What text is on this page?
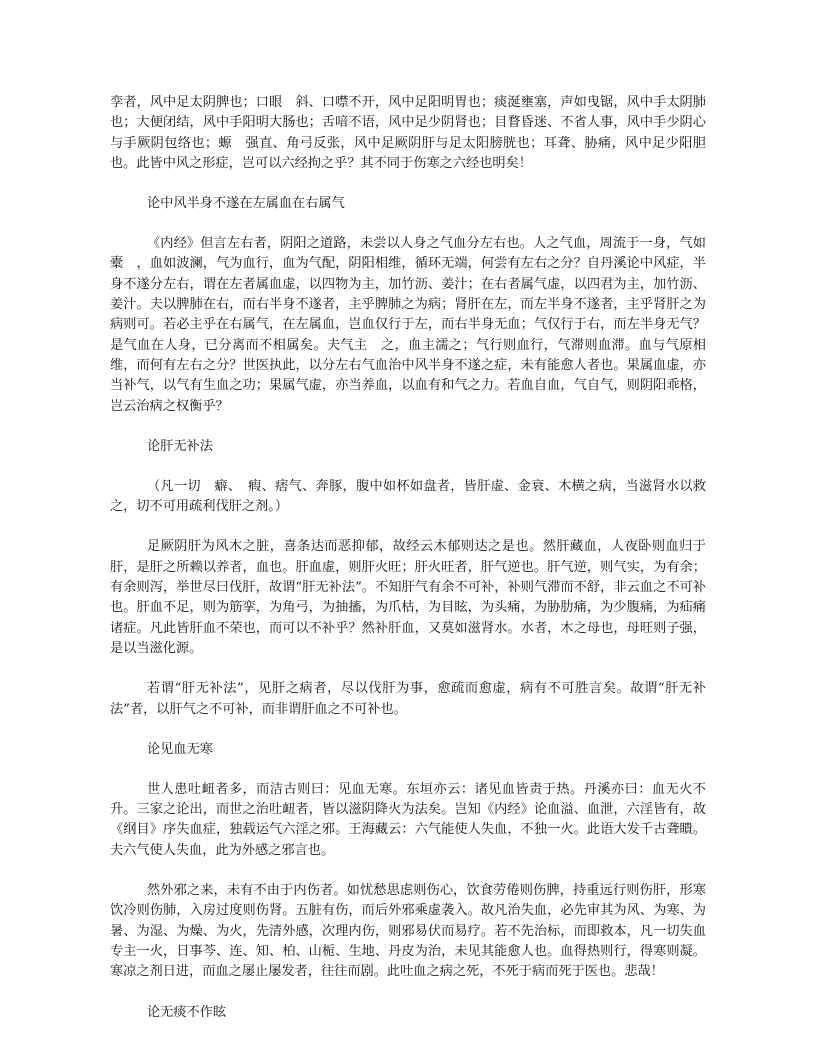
孪者，风中足太阴脾也；口眼　斜、口噤不开，风中足阳明胃也；痰涎壅塞，声如曳锯，风中手太阴肺也；大便闭结，风中手阳明大肠也；舌喑不语，风中足少阴肾也；目瞀昏迷、不省人事，风中手少阴心与手厥阴包络也；螈　强直、角弓反张，风中足厥阴肝与足太阳膀胱也；耳聋、胁痛，风中足少阳胆也。此皆中风之形症，岂可以六经拘之乎？其不同于伤寒之六经也明矣！

论中风半身不遂在左属血在右属气

《内经》但言左右者，阴阳之道路，未尝以人身之气血分左右也。人之气血，周流于一身，气如橐　，血如波澜，气为血行，血为气配，阴阳相维，循环无端，何尝有左右之分？自丹溪论中风症，半身不遂分左右，谓在左者属血虚，以四物为主，加竹沥、姜汁；在右者属气虚，以四君为主，加竹沥、姜汁。夫以脾肺在右，而右半身不遂者，主乎脾肺之为病；肾肝在左，而左半身不遂者，主乎肾肝之为病则可。若必主乎在右属气，在左属血，岂血仅行于左，而右半身无血；气仅行于右，而左半身无气？是气血在人身，已分离而不相属矣。夫气主　之，血主濡之；气行则血行，气滞则血滞。血与气原相维，而何有左右之分？世医执此，以分左右气血治中风半身不遂之症，未有能愈人者也。果属血虚，亦当补气，以气有生血之功；果属气虚，亦当养血，以血有和气之力。若血自血，气自气，则阴阳乖格，岂云治病之权衡乎？

论肝无补法

（凡一切　癖、　瘕、痞气、奔豚，腹中如杯如盘者，皆肝虚、金衰、木横之病，当滋肾水以救之，切不可用疏利伐肝之剂。）

足厥阴肝为风木之脏，喜条达而恶抑郁，故经云木郁则达之是也。然肝藏血，人夜卧则血归于肝，是肝之所赖以养者，血也。肝血虚，则肝火旺；肝火旺者，肝气逆也。肝气逆，则气实，为有余；有余则泻，举世尽曰伐肝，故谓“肝无补法”。不知肝气有余不可补，补则气滞而不舒，非云血之不可补也。肝血不足，则为筋挛，为角弓，为抽搐，为爪枯，为目眩，为头痛，为胁肋痛，为少腹痛，为疝痛诸症。凡此皆肝血不荣也，而可以不补乎？然补肝血，又莫如滋肾水。水者，木之母也，母旺则子强，是以当滋化源。

若谓“肝无补法”，见肝之病者，尽以伐肝为事，愈疏而愈虚，病有不可胜言矣。故谓“肝无补法”者，以肝气之不可补，而非谓肝血之不可补也。

论见血无寒

世人患吐衄者多，而洁古则曰：见血无寒。东垣亦云：诸见血皆责于热。丹溪亦曰：血无火不升。三家之论出，而世之治吐衄者，皆以滋阴降火为法矣。岂知《内经》论血溢、血泄，六淫皆有，故《纲目》序失血症，独载运气六淫之邪。王海藏云：六气能使人失血，不独一火。此语大发千古聋瞶。夫六气使人失血，此为外感之邪言也。

然外邪之来，未有不由于内伤者。如忧愁思虑则伤心，饮食劳倦则伤脾，持重远行则伤肝，形寒饮冷则伤肺，入房过度则伤肾。五脏有伤，而后外邪乘虚袭入。故凡治失血，必先审其为风、为寒、为暑、为湿、为燥、为火，先清外感，次理内伤，则邪易伏而易疗。若不先治标，而即救本，凡一切失血专主一火，日事芩、连、知、柏、山栀、生地、丹皮为治，未见其能愈人也。血得热则行，得寒则凝。寒凉之剂日进，而血之屡止屡发者，往往而剧。此吐血之病之死，不死于病而死于医也。悲哉！

论无痰不作眩
